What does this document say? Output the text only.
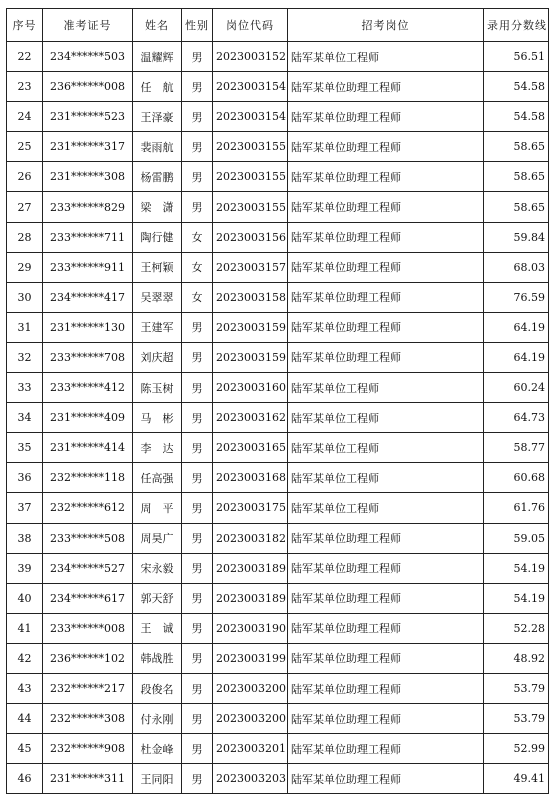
序号	准考证号	姓名	性别	岗位代码	招考岗位	录用分数线
22	234******503	温耀辉	男	2023003152	陆军某单位工程师	56.51
23	236******008	任　航	男	2023003154	陆军某单位助理工程师	54.58
24	231******523	王泽豪	男	2023003154	陆军某单位助理工程师	54.58
25	231******317	裴雨航	男	2023003155	陆军某单位助理工程师	58.65
26	231******308	杨雷鹏	男	2023003155	陆军某单位助理工程师	58.65
27	233******829	梁　潇	男	2023003155	陆军某单位助理工程师	58.65
28	233******711	陶行健	女	2023003156	陆军某单位助理工程师	59.84
29	233******911	王柯颖	女	2023003157	陆军某单位助理工程师	68.03
30	234******417	吴翠翠	女	2023003158	陆军某单位助理工程师	76.59
31	231******130	王建军	男	2023003159	陆军某单位助理工程师	64.19
32	233******708	刘庆超	男	2023003159	陆军某单位助理工程师	64.19
33	233******412	陈玉树	男	2023003160	陆军某单位工程师	60.24
34	231******409	马　彬	男	2023003162	陆军某单位工程师	64.73
35	231******414	李　达	男	2023003165	陆军某单位工程师	58.77
36	232******118	任高强	男	2023003168	陆军某单位工程师	60.68
37	232******612	周　平	男	2023003175	陆军某单位工程师	61.76
38	233******508	周昊广	男	2023003182	陆军某单位助理工程师	59.05
39	234******527	宋永毅	男	2023003189	陆军某单位助理工程师	54.19
40	234******617	郭天舒	男	2023003189	陆军某单位助理工程师	54.19
41	233******008	王　诚	男	2023003190	陆军某单位助理工程师	52.28
42	236******102	韩战胜	男	2023003199	陆军某单位助理工程师	48.92
43	232******217	段俊名	男	2023003200	陆军某单位助理工程师	53.79
44	232******308	付永刚	男	2023003200	陆军某单位助理工程师	53.79
45	232******908	杜金峰	男	2023003201	陆军某单位助理工程师	52.99
46	231******311	王同阳	男	2023003203	陆军某单位助理工程师	49.41
